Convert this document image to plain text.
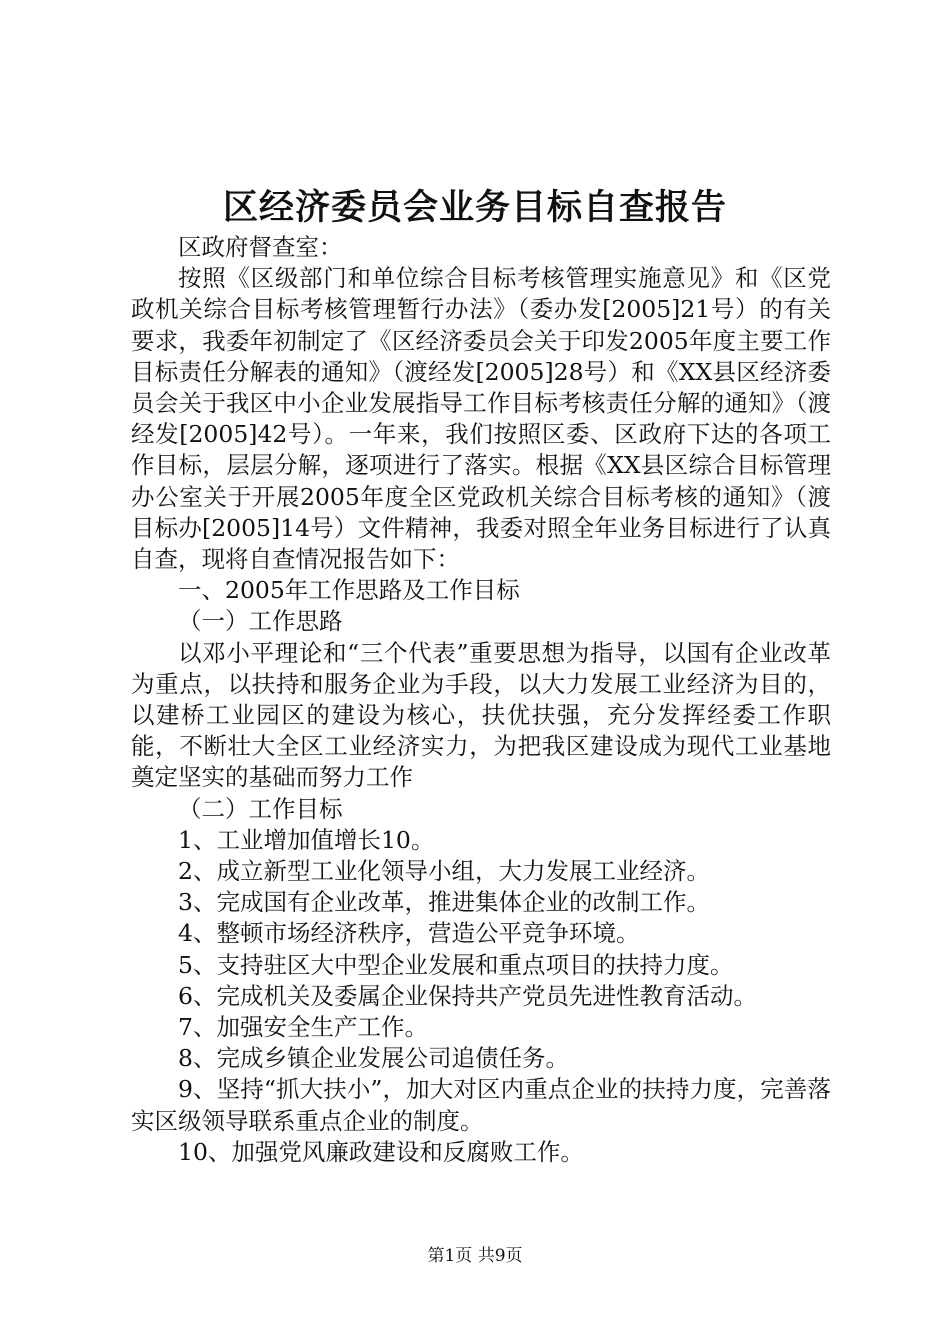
区经济委员会业务目标自查报告

区政府督查室：

按照《区级部门和单位综合目标考核管理实施意见》和《区党政机关综合目标考核管理暂行办法》（委办发[2005]21号）的有关要求，我委年初制定了《区经济委员会关于印发2005年度主要工作目标责任分解表的通知》（渡经发[2005]28号）和《XX县区经济委员会关于我区中小企业发展指导工作目标考核责任分解的通知》（渡经发[2005]42号）。一年来，我们按照区委、区政府下达的各项工作目标，层层分解，逐项进行了落实。根据《XX县区综合目标管理办公室关于开展2005年度全区党政机关综合目标考核的通知》（渡目标办[2005]14号）文件精神，我委对照全年业务目标进行了认真自查，现将自查情况报告如下：

一、2005年工作思路及工作目标

（一）工作思路

以邓小平理论和“三个代表”重要思想为指导，以国有企业改革为重点，以扶持和服务企业为手段，以大力发展工业经济为目的，以建桥工业园区的建设为核心，扶优扶强，充分发挥经委工作职能，不断壮大全区工业经济实力，为把我区建设成为现代工业基地奠定坚实的基础而努力工作

（二）工作目标

1、工业增加值增长10。

2、成立新型工业化领导小组，大力发展工业经济。

3、完成国有企业改革，推进集体企业的改制工作。

4、整顿市场经济秩序，营造公平竞争环境。

5、支持驻区大中型企业发展和重点项目的扶持力度。

6、完成机关及委属企业保持共产党员先进性教育活动。

7、加强安全生产工作。

8、完成乡镇企业发展公司追债任务。

9、坚持“抓大扶小”，加大对区内重点企业的扶持力度，完善落实区级领导联系重点企业的制度。

10、加强党风廉政建设和反腐败工作。

第1页 共9页
